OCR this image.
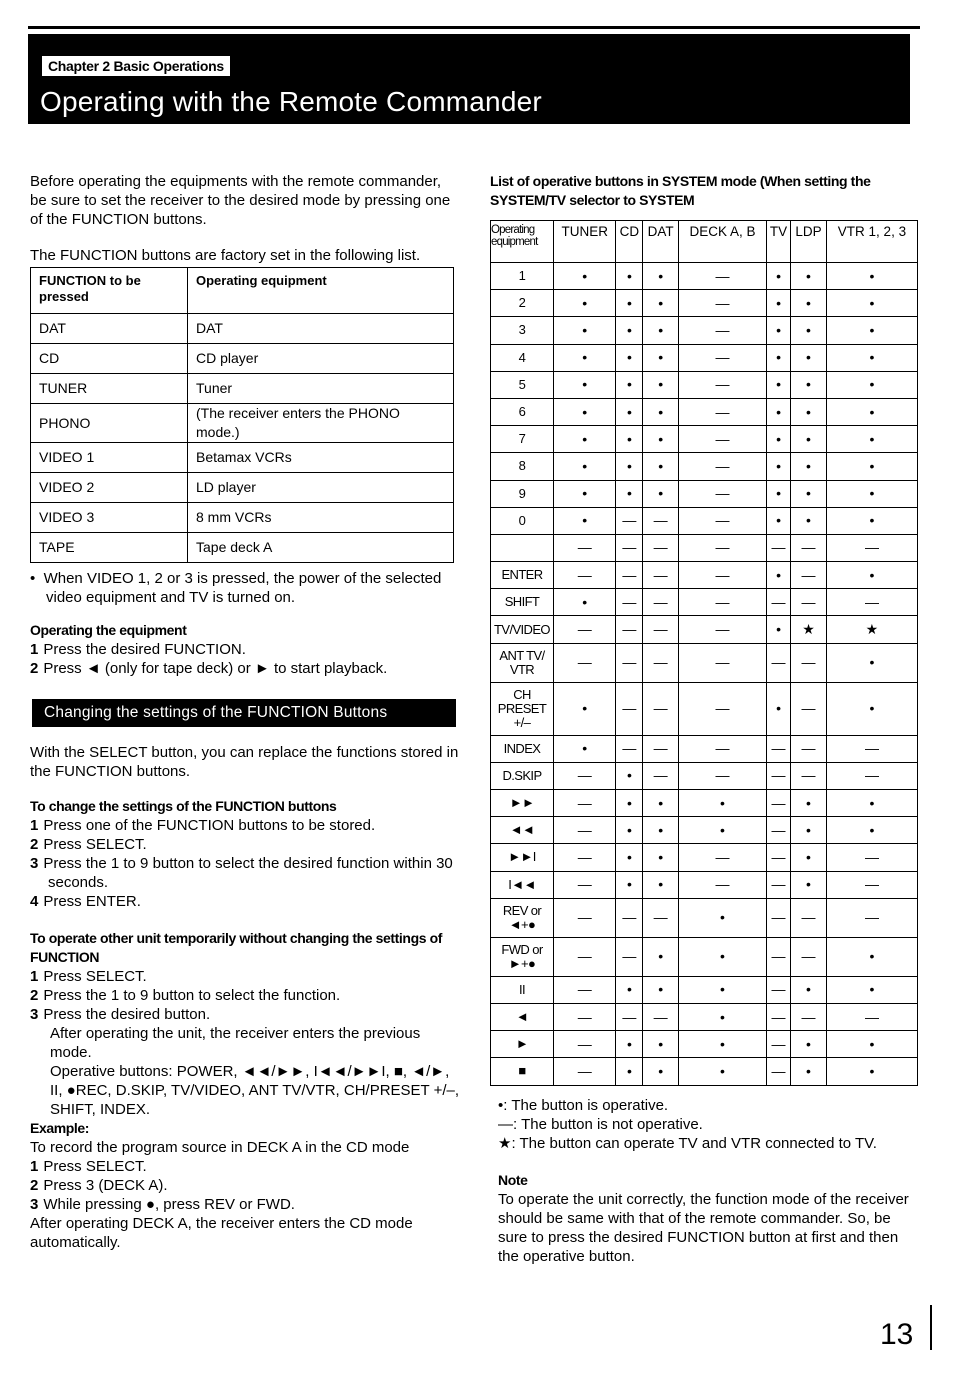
Chapter 2 Basic Operations
Operating with the Remote Commander

Before operating the equipments with the remote commander, be sure to set the receiver to the desired mode by pressing one of the FUNCTION buttons.

The FUNCTION buttons are factory set in the following list.

FUNCTION to be pressed	Operating equipment
DAT	DAT
CD	CD player
TUNER	Tuner
PHONO	(The receiver enters the PHONO mode.)
VIDEO 1	Betamax VCRs
VIDEO 2	LD player
VIDEO 3	8 mm VCRs
TAPE	Tape deck A

•  When VIDEO 1, 2 or 3 is pressed, the power of the selected video equipment and TV is turned on.

Operating the equipment

1 Press the desired FUNCTION.

2 Press ◄ (only for tape deck) or ► to start playback.

Changing the settings of the FUNCTION Buttons

With the SELECT button, you can replace the functions stored in the FUNCTION buttons.

To change the settings of the FUNCTION buttons

1 Press one of the FUNCTION buttons to be stored.

2 Press SELECT.

3 Press the 1 to 9 button to select the desired function within 30 seconds.

4 Press ENTER.

To operate other unit temporarily without changing the settings of FUNCTION

1 Press SELECT.

2 Press the 1 to 9 button to select the function.

3 Press the desired button.

After operating the unit, the receiver enters the previous mode.

Operative buttons: POWER, ◄◄/►►, I◄◄/►►I, ■, ◄/►, II, ●REC, D.SKIP, TV/VIDEO, ANT TV/VTR, CH/PRESET +/–, SHIFT, INDEX.

Example:

To record the program source in DECK A in the CD mode

1 Press SELECT.

2 Press 3 (DECK A).

3 While pressing ●, press REV or FWD.

After operating DECK A, the receiver enters the CD mode automatically.

List of operative buttons in SYSTEM mode (When setting the SYSTEM/TV selector to SYSTEM

Operating equipment	TUNER	CD	DAT	DECK A, B	TV	LDP	VTR 1, 2, 3
1	•	•	•	—	•	•	•
2	•	•	•	—	•	•	•
3	•	•	•	—	•	•	•
4	•	•	•	—	•	•	•
5	•	•	•	—	•	•	•
6	•	•	•	—	•	•	•
7	•	•	•	—	•	•	•
8	•	•	•	—	•	•	•
9	•	•	•	—	•	•	•
0	•	—	—	—	•	•	•
	—	—	—	—	—	—	—
ENTER	—	—	—	—	•	—	•
SHIFT	•	—	—	—	—	—	—
TV/VIDEO	—	—	—	—	•	★	★
ANT TV/ VTR	—	—	—	—	—	—	•
CH PRESET +/–	•	—	—	—	•	—	•
INDEX	•	—	—	—	—	—	—
D.SKIP	—	•	—	—	—	—	—
►►	—	•	•	•	—	•	•
◄◄	—	•	•	•	—	•	•
►►I	—	•	•	—	—	•	—
I◄◄	—	•	•	—	—	•	—
REV or ◄+●	—	—	—	•	—	—	—
FWD or ►+●	—	—	•	•	—	—	•
II	—	•	•	•	—	•	•
◄	—	—	—	•	—	—	—
►	—	•	•	•	—	•	•
■	—	•	•	•	—	•	•

•: The button is operative.

—: The button is not operative.

★: The button can operate TV and VTR connected to TV.

Note

To operate the unit correctly, the function mode of the receiver should be same with that of the remote commander. So, be sure to press the desired FUNCTION button at first and then the operative button.

13
